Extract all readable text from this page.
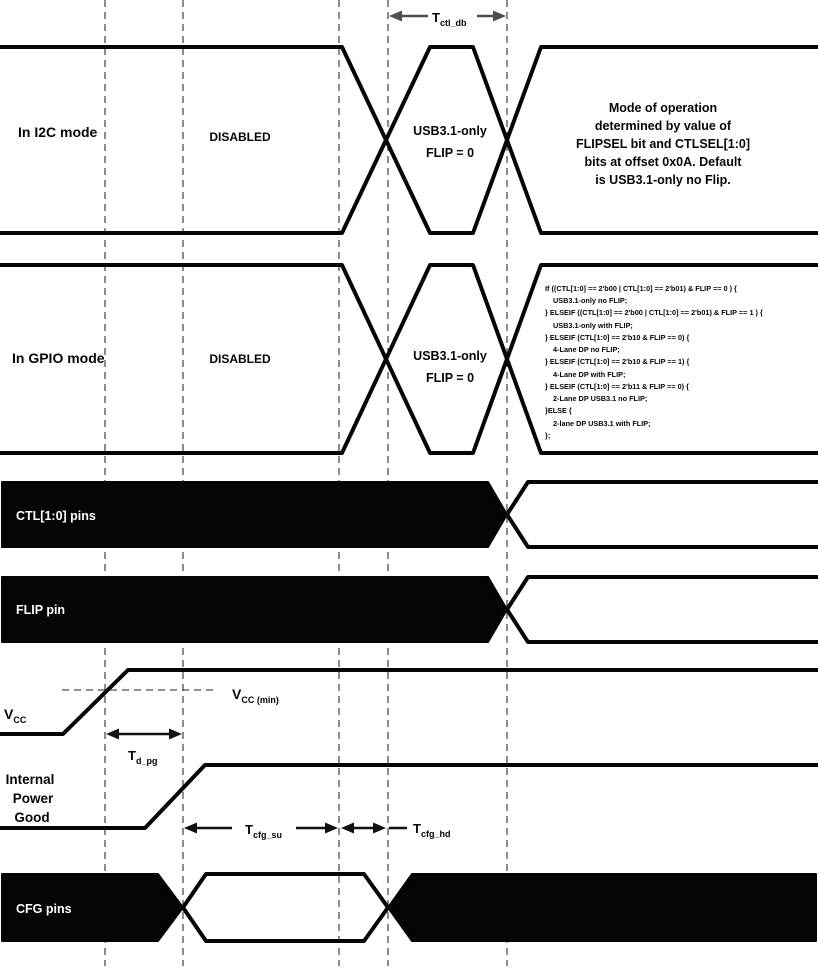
$T_{ctl\_db}$
In I2C mode	DISABLED	USB3.1-only
FLIP = 0
Mode of operation
determined by value of
FLIPSEL bit and CTLSEL[1:0]
bits at offset 0x0A. Default
is USB3.1-only no Flip.
In GPIO mode	DISABLED	USB3.1-only
FLIP = 0
If ((CTL[1:0] == 2'b00 | CTL[1:0] == 2'b01) & FLIP == 0 ) {
USB3.1-only no FLIP;
} ELSEIF ((CTL[1:0] == 2'b00 | CTL[1:0] == 2'b01) & FLIP == 1 ) {
USB3.1-only with FLIP;
} ELSEIF (CTL[1:0] == 2'b10 & FLIP == 0) {
4-Lane DP no FLIP;
} ELSEIF (CTL[1:0] == 2'b10 & FLIP == 1) {
4-Lane DP with FLIP;
} ELSEIF (CTL[1:0] == 2'b11 & FLIP == 0) {
2-Lane DP USB3.1 no FLIP;
}ELSE {
2-lane DP USB3.1 with FLIP;
};
CTL[1:0] pins
FLIP pin
$V_{CC}$
$V_{CC (min)}$
$T_{d\_pg}$
Internal
Power
Good
$T_{cfg\_su}$	$T_{cfg\_hd}$
CFG pins
